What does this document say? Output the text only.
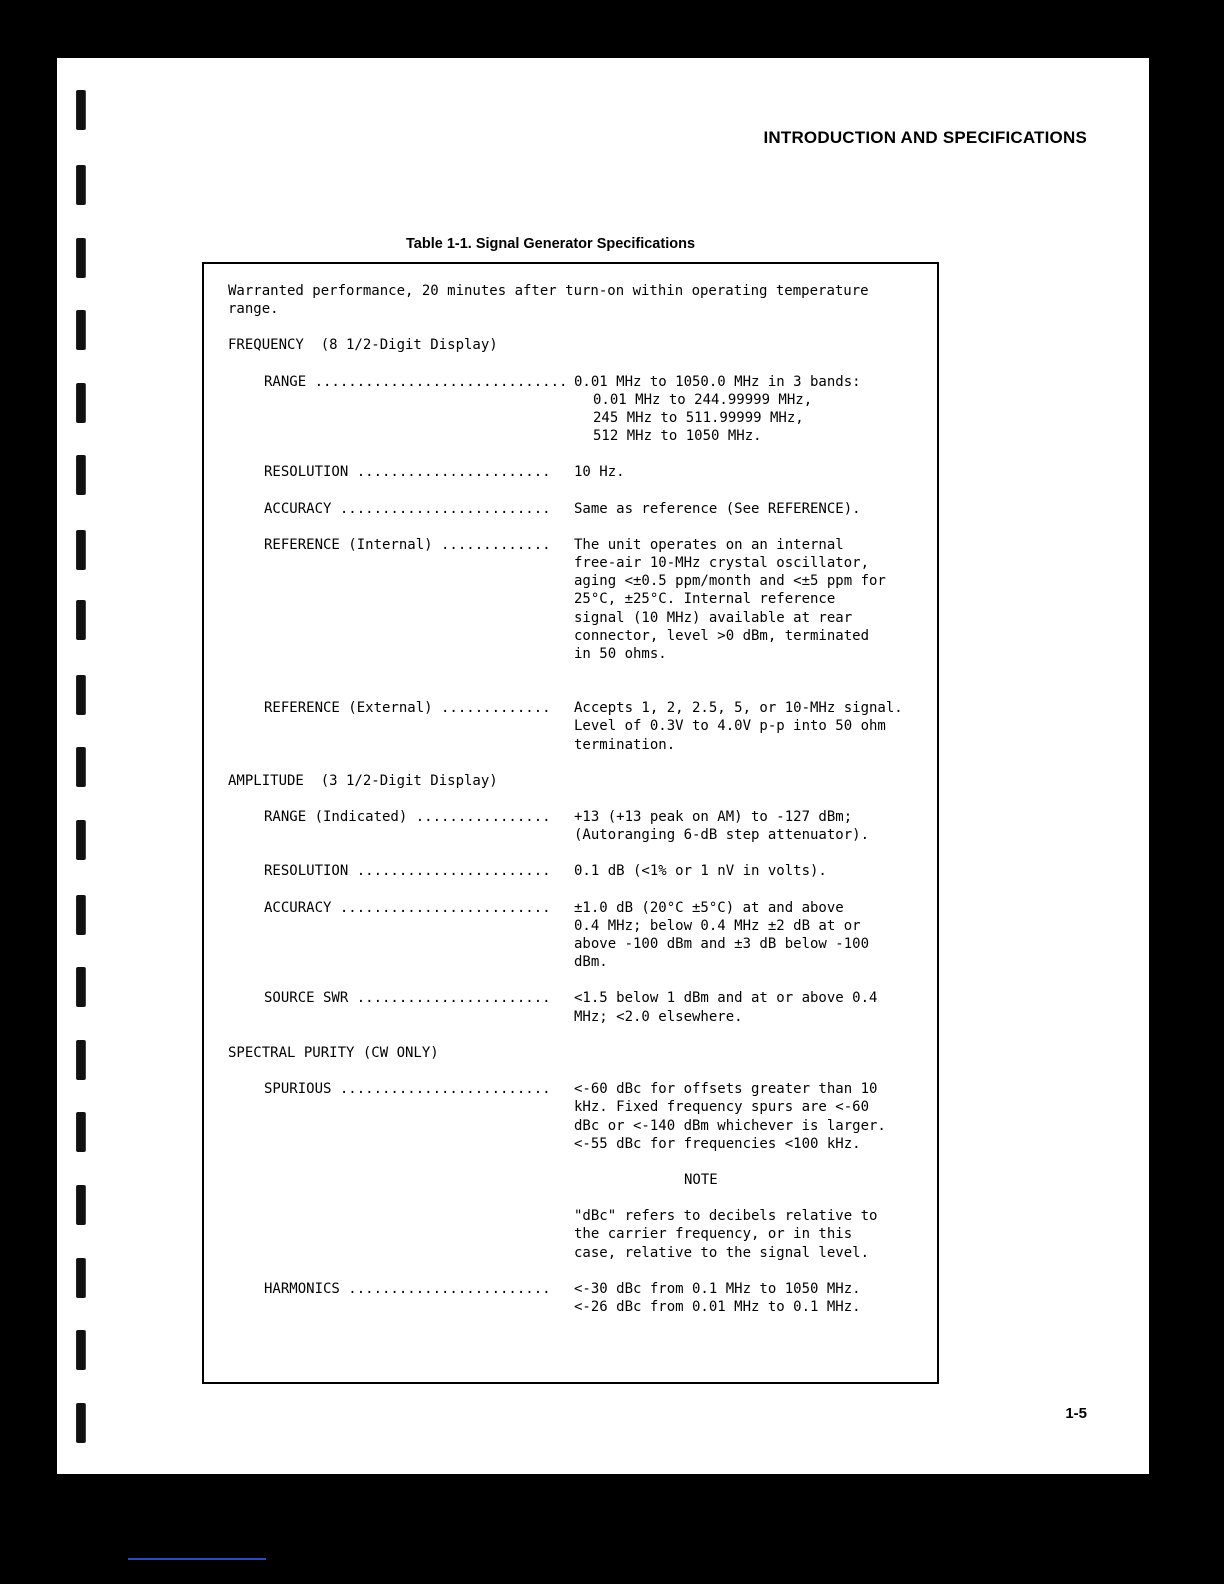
INTRODUCTION AND SPECIFICATIONS
Table 1-1. Signal Generator Specifications
Warranted performance, 20 minutes after turn-on within operating temperature
range.
FREQUENCY  (8 1/2-Digit Display)
RANGE .............................. 0.01 MHz to 1050.0 MHz in 3 bands:
0.01 MHz to 244.99999 MHz,
245 MHz to 511.99999 MHz,
512 MHz to 1050 MHz.
RESOLUTION .......................	10 Hz.
ACCURACY .........................	Same as reference (See REFERENCE).
REFERENCE (Internal) .............	The unit operates on an internal
free-air 10-MHz crystal oscillator,
aging <±0.5 ppm/month and <±5 ppm for
25°C, ±25°C. Internal reference
signal (10 MHz) available at rear
connector, level >0 dBm, terminated
in 50 ohms.
REFERENCE (External) .............	Accepts 1, 2, 2.5, 5, or 10-MHz signal.
Level of 0.3V to 4.0V p-p into 50 ohm
termination.
AMPLITUDE  (3 1/2-Digit Display)
RANGE (Indicated) ................	+13 (+13 peak on AM) to -127 dBm;
(Autoranging 6-dB step attenuator).
RESOLUTION .......................	0.1 dB (<1% or 1 nV in volts).
ACCURACY .........................	±1.0 dB (20°C ±5°C) at and above
0.4 MHz; below 0.4 MHz ±2 dB at or
above -100 dBm and ±3 dB below -100
dBm.
SOURCE SWR .......................	<1.5 below 1 dBm and at or above 0.4
MHz; <2.0 elsewhere.
SPECTRAL PURITY (CW ONLY)
SPURIOUS .........................	<-60 dBc for offsets greater than 10
kHz. Fixed frequency spurs are <-60
dBc or <-140 dBm whichever is larger.
<-55 dBc for frequencies <100 kHz.
NOTE
"dBc" refers to decibels relative to
the carrier frequency, or in this
case, relative to the signal level.
HARMONICS ........................	<-30 dBc from 0.1 MHz to 1050 MHz.
<-26 dBc from 0.01 MHz to 0.1 MHz.
1-5
